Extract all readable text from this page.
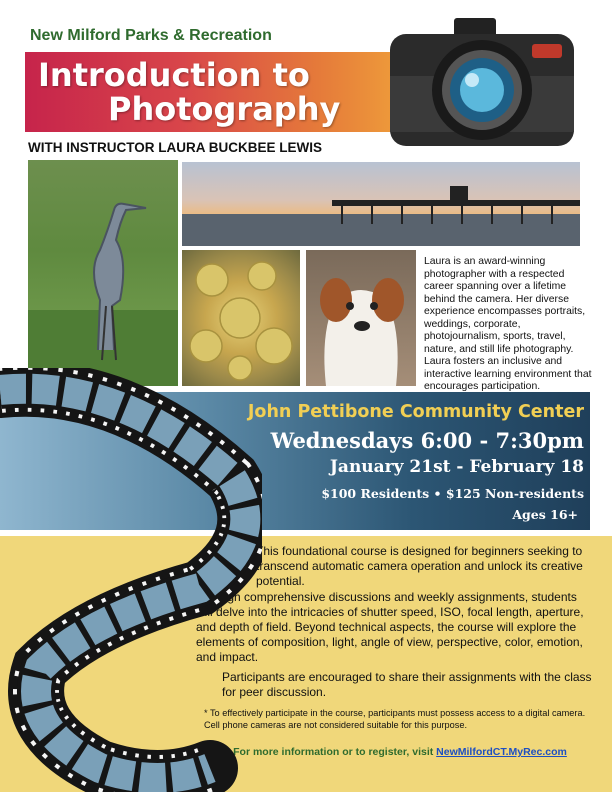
New Milford Parks & Recreation
Introduction to
Photography
WITH INSTRUCTOR LAURA BUCKBEE LEWIS
Laura is an award-winning photographer with a respected career spanning over a lifetime behind the camera. Her diverse experience encompasses portraits, weddings, corporate, photojournalism, sports, travel, nature, and still life photography. Laura fosters an inclusive and interactive learning environment that encourages participation.
John Pettibone Community Center
Wednesdays 6:00 - 7:30pm
January 21st - February 18
$100 Residents • $125 Non-residents
Ages 16+
This foundational course is designed for beginners seeking to transcend automatic camera operation and unlock its creative potential.
Through comprehensive discussions and weekly assignments, students will delve into the intricacies of shutter speed, ISO, focal length, aperture, and depth of field. Beyond technical aspects, the course will explore the elements of composition, light, angle of view, perspective, color, emotion, and impact.
Participants are encouraged to share their assignments with the class for peer discussion.
* To effectively participate in the course, participants must possess access to a digital camera. Cell phone cameras are not considered suitable for this purpose.
For more information or to register, visit NewMilfordCT.MyRec.com
